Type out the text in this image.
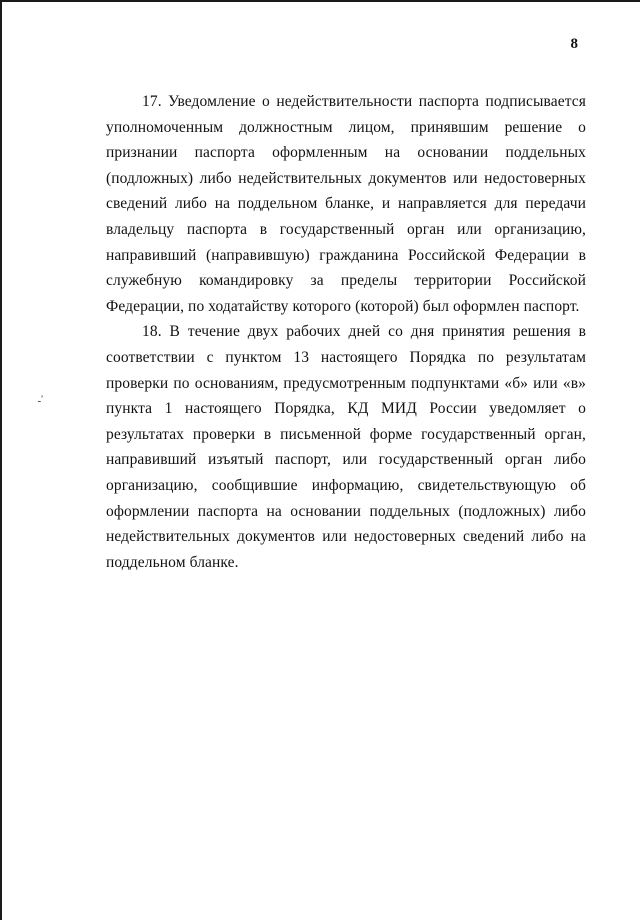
8
ـ’

17. Уведомление о недействительности паспорта подписывается уполномоченным должностным лицом, принявшим решение о признании паспорта оформленным на основании поддельных (подложных) либо недействительных документов или недостоверных сведений либо на поддельном бланке, и направляется для передачи владельцу паспорта в государственный орган или организацию, направивший (направившую) гражданина Российской Федерации в служебную командировку за пределы территории Российской Федерации, по ходатайству которого (которой) был оформлен паспорт.

18. В течение двух рабочих дней со дня принятия решения в соответствии с пунктом 13 настоящего Порядка по результатам проверки по основаниям, предусмотренным подпунктами «б» или «в» пункта 1 настоящего Порядка, КД МИД России уведомляет о результатах проверки в письменной форме государственный орган, направивший изъятый паспорт, или государственный орган либо организацию, сообщившие информацию, свидетельствующую об оформлении паспорта на основании поддельных (подложных) либо недействительных документов или недостоверных сведений либо на поддельном бланке.
